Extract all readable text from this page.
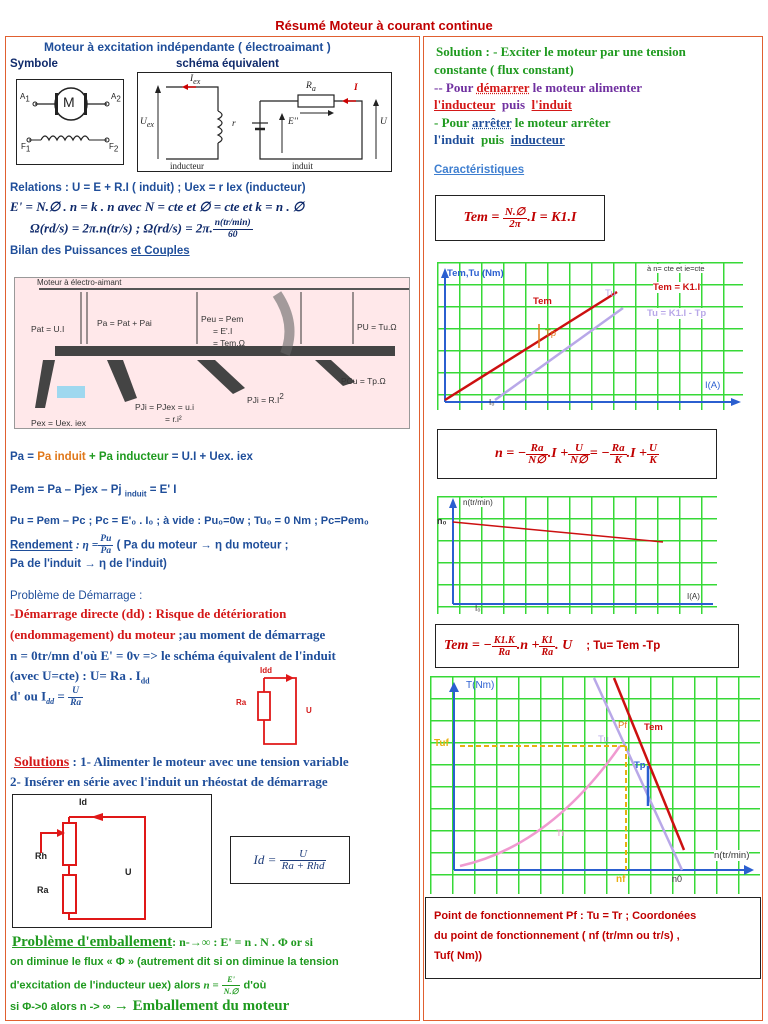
Résumé Moteur à courant continue
Moteur à excitation indépendante ( électroaimant )
Symbole	schéma équivalent
M
A1	A2
F1	F2
$I_{ex}$
$U_{ex}$	r
$R_a$	I
E''	U
inducteur	induit
Relations : U = E + R.I ( induit) ; Uex = r Iex (inducteur)
E' = N.∅ . n = k . n avec N = cte et ∅ = cte et k = n . ∅
Ω(rd/s) = 2π.n(tr/s) ; Ω(rd/s) = 2π. $\frac{n(tr/\min)}{60}$
Bilan des Puissances et Couples
Moteur à électro-aimant
Pat = U.I
Pa = Pat + Pai	Peu = Pem
= E'.I
= Tem.Ω
PU = Tu.Ω
PCu = Tp.Ω
PJi = R.I2
PJi = PJex = u.i
= r.i²
Pex = Uex. iex
Pa = Pa induit + Pa inducteur = U.I + Uex. iex
Pem = Pa – Pjex – Pj $_{induit}$ = E' I
Pu = Pem – Pc ; Pc = E'₀ . I₀ ; à vide : Pu₀=0w ; Tu₀ = 0 Nm ; Pc=Pem₀
Rendement : $\eta = \frac{Pu}{Pa}$ ( Pa du moteur → η du moteur ;
Pa de l'induit → η de l'induit)
Problème de Démarrage :
-Démarrage directe (dd) : Risque de détérioration
(endommagement) du moteur ;au moment de démarrage
n = 0tr/mn d'où E' = 0v => le schéma équivalent de l'induit
(avec U=cte) : U= Ra . $I_{dd}$
d' ou $I_{dd} = \frac{U}{Ra}$
Idd
Ra
U
Solutions : 1- Alimenter le moteur avec une tension variable
2- Insérer en série avec l'induit un rhéostat de démarrage
Id
Rh
Ra
U
Id =
$\frac{U}{\text{Ra + Rhd}}$
Problème d'emballement: n-→∞ : E' = n . N . Φ or si
on diminue le flux « Φ » (autrement dit si on diminue la tension
d'excitation de l'inducteur uex) alors $n = \frac{E'}{N.\emptyset}$ d'où
si Φ->0 alors n -> ∞ → Emballement du moteur
Solution : - Exciter le moteur par une tension
constante ( flux constant)
-- Pour démarrer le moteur alimenter
l'inducteur puis l'induit
- Pour arrêter le moteur arrêter
l'induit puis inducteur
Caractéristiques
Tem =
$\frac{N.\emptyset}{2\pi} .I = K1.I$
Tem,Tu (Nm)	à n= cte et ie=cte
Tem
Tu
Tp
Tem = K1.I
Tu = K1.I - Tp
I(A)
I₀
n = − $\frac{Ra}{N\emptyset} .I + \frac{U}{N\emptyset}$ = − $\frac{Ra}{K} .I + \frac{U}{K}$
n(tr/min)
n₀
I(A)
I₀
Tem = − $\frac{K1.K}{Ra} .n + \frac{K1}{Ra}$ . U
; Tu= Tem -Tp
T(Nm)
Tuf	Tu
Pf Tem
Tp
Tr
n(tr/min)
nf	n0
Point de fonctionnement Pf : Tu = Tr ; Coordonées
du point de fonctionnement ( nf (tr/mn ou tr/s) ,
Tuf( Nm))
